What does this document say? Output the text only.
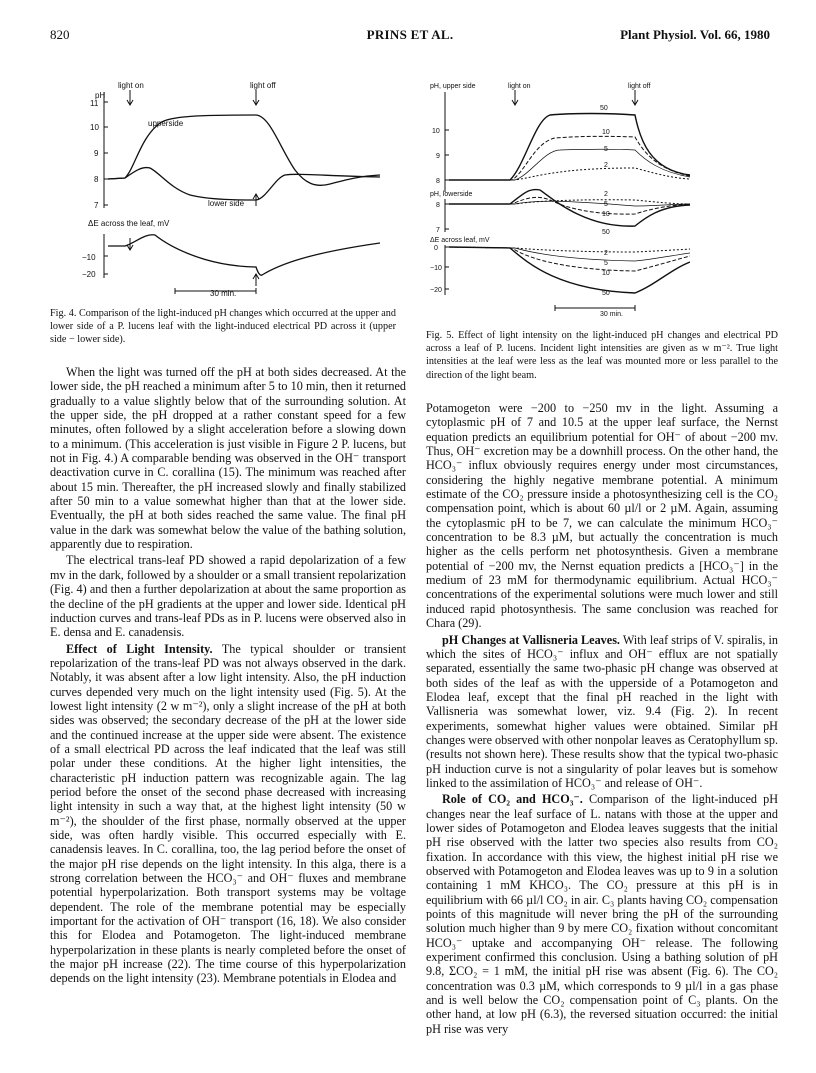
820	PRINS ET AL.	Plant Physiol. Vol. 66, 1980
light on	light off
pH
upperside
lower side
ΔE across the leaf, mV
11
10
9
8
7
−10
−20
30 min.
Fig. 4. Comparison of the light-induced pH changes which occurred at the upper and lower side of a P. lucens leaf with the light-induced electrical PD across it (upper side − lower side).
pH, upper side	light on	light off
10
9
8
pH, lowerside
8
7
ΔE across leaf, mV
0
−10
−20
50
10
5
2
2
5
10
50
2
5
10
50
30 min.
Fig. 5. Effect of light intensity on the light-induced pH changes and electrical PD across a leaf of P. lucens. Incident light intensities are given as w m⁻². True light intensities at the leaf were less as the leaf was mounted more or less parallel to the direction of the light beam.

When the light was turned off the pH at both sides decreased. At the lower side, the pH reached a minimum after 5 to 10 min, then it returned gradually to a value slightly below that of the surrounding solution. At the upper side, the pH dropped at a rather constant speed for a few minutes, often followed by a slight acceleration before a slowing down to a minimum. (This acceleration is just visible in Figure 2 P. lucens, but not in Fig. 4.) A comparable bending was observed in the OH⁻ transport deactivation curve in C. corallina (15). The minimum was reached after about 15 min. Thereafter, the pH increased slowly and finally stabilized after 50 min to a value somewhat higher than that at the lower side. Eventually, the pH at both sides reached the same value. The final pH value in the dark was somewhat below the value of the bathing solution, apparently due to respiration.

The electrical trans-leaf PD showed a rapid depolarization of a few mv in the dark, followed by a shoulder or a small transient repolarization (Fig. 4) and then a further depolarization at about the same proportion as the decline of the pH gradients at the upper and lower side. Identical pH induction curves and trans-leaf PDs as in P. lucens were observed also in E. densa and E. canadensis.

Effect of Light Intensity. The typical shoulder or transient repolarization of the trans-leaf PD was not always observed in the dark. Notably, it was absent after a low light intensity. Also, the pH induction curves depended very much on the light intensity used (Fig. 5). At the lowest light intensity (2 w m⁻²), only a slight increase of the pH at both sides was observed; the secondary decrease of the pH at the lower side and the continued increase at the upper side were absent. The existence of a small electrical PD across the leaf indicated that the leaf was still polar under these conditions. At the higher light intensities, the characteristic pH induction pattern was recognizable again. The lag period before the onset of the second phase decreased with increasing light intensity in such a way that, at the highest light intensity (50 w m⁻²), the shoulder of the first phase, normally observed at the upper side, was often hardly visible. This occurred especially with E. canadensis leaves. In C. corallina, too, the lag period before the onset of the major pH rise depends on the light intensity. In this alga, there is a strong correlation between the HCO₃⁻ and OH⁻ fluxes and membrane potential hyperpolarization. Both transport systems may be voltage dependent. The role of the membrane potential may be especially important for the activation of OH⁻ transport (16, 18). We also consider this for Elodea and Potamogeton. The light-induced membrane hyperpolarization in these plants is nearly completed before the onset of the major pH increase (22). The time course of this hyperpolarization depends on the light intensity (23). Membrane potentials in Elodea and

Potamogeton were −200 to −250 mv in the light. Assuming a cytoplasmic pH of 7 and 10.5 at the upper leaf surface, the Nernst equation predicts an equilibrium potential for OH⁻ of about −200 mv. Thus, OH⁻ excretion may be a downhill process. On the other hand, the HCO₃⁻ influx obviously requires energy under most circumstances, considering the highly negative membrane potential. A minimum estimate of the CO₂ pressure inside a photosynthesizing cell is the CO₂ compensation point, which is about 60 µl/l or 2 µM. Again, assuming the cytoplasmic pH to be 7, we can calculate the minimum HCO₃⁻ concentration to be 8.3 µM, but actually the concentration is much higher as the cells perform net photosynthesis. Given a membrane potential of −200 mv, the Nernst equation predicts a [HCO₃⁻] in the medium of 23 mM for thermodynamic equilibrium. Actual HCO₃⁻ concentrations of the experimental solutions were much lower and still induced rapid photosynthesis. The same conclusion was reached for Chara (29).

pH Changes at Vallisneria Leaves. With leaf strips of V. spiralis, in which the sites of HCO₃⁻ influx and OH⁻ efflux are not spatially separated, essentially the same two-phasic pH change was observed at both sides of the leaf as with the upperside of a Potamogeton and Elodea leaf, except that the final pH reached in the light with Vallisneria was somewhat lower, viz. 9.4 (Fig. 2). In recent experiments, somewhat higher values were obtained. Similar pH changes were observed with other nonpolar leaves as Ceratophyllum sp. (results not shown here). These results show that the typical two-phasic pH induction curve is not a singularity of polar leaves but is somehow linked to the assimilation of HCO₃⁻ and release of OH⁻.

Role of CO₂ and HCO₃⁻. Comparison of the light-induced pH changes near the leaf surface of L. natans with those at the upper and lower sides of Potamogeton and Elodea leaves suggests that the initial pH rise observed with the latter two species also results from CO₂ fixation. In accordance with this view, the highest initial pH rise we observed with Potamogeton and Elodea leaves was up to 9 in a solution containing 1 mM KHCO₃. The CO₂ pressure at this pH is in equilibrium with 66 µl/l CO₂ in air. C₃ plants having CO₂ compensation points of this magnitude will never bring the pH of the surrounding solution much higher than 9 by mere CO₂ fixation without concomitant HCO₃⁻ uptake and accompanying OH⁻ release. The following experiment confirmed this conclusion. Using a bathing solution of pH 9.8, ΣCO₂ = 1 mM, the initial pH rise was absent (Fig. 6). The CO₂ concentration was 0.3 µM, which corresponds to 9 µl/l in a gas phase and is well below the CO₂ compensation point of C₃ plants. On the other hand, at low pH (6.3), the reversed situation occurred: the initial pH rise was very
